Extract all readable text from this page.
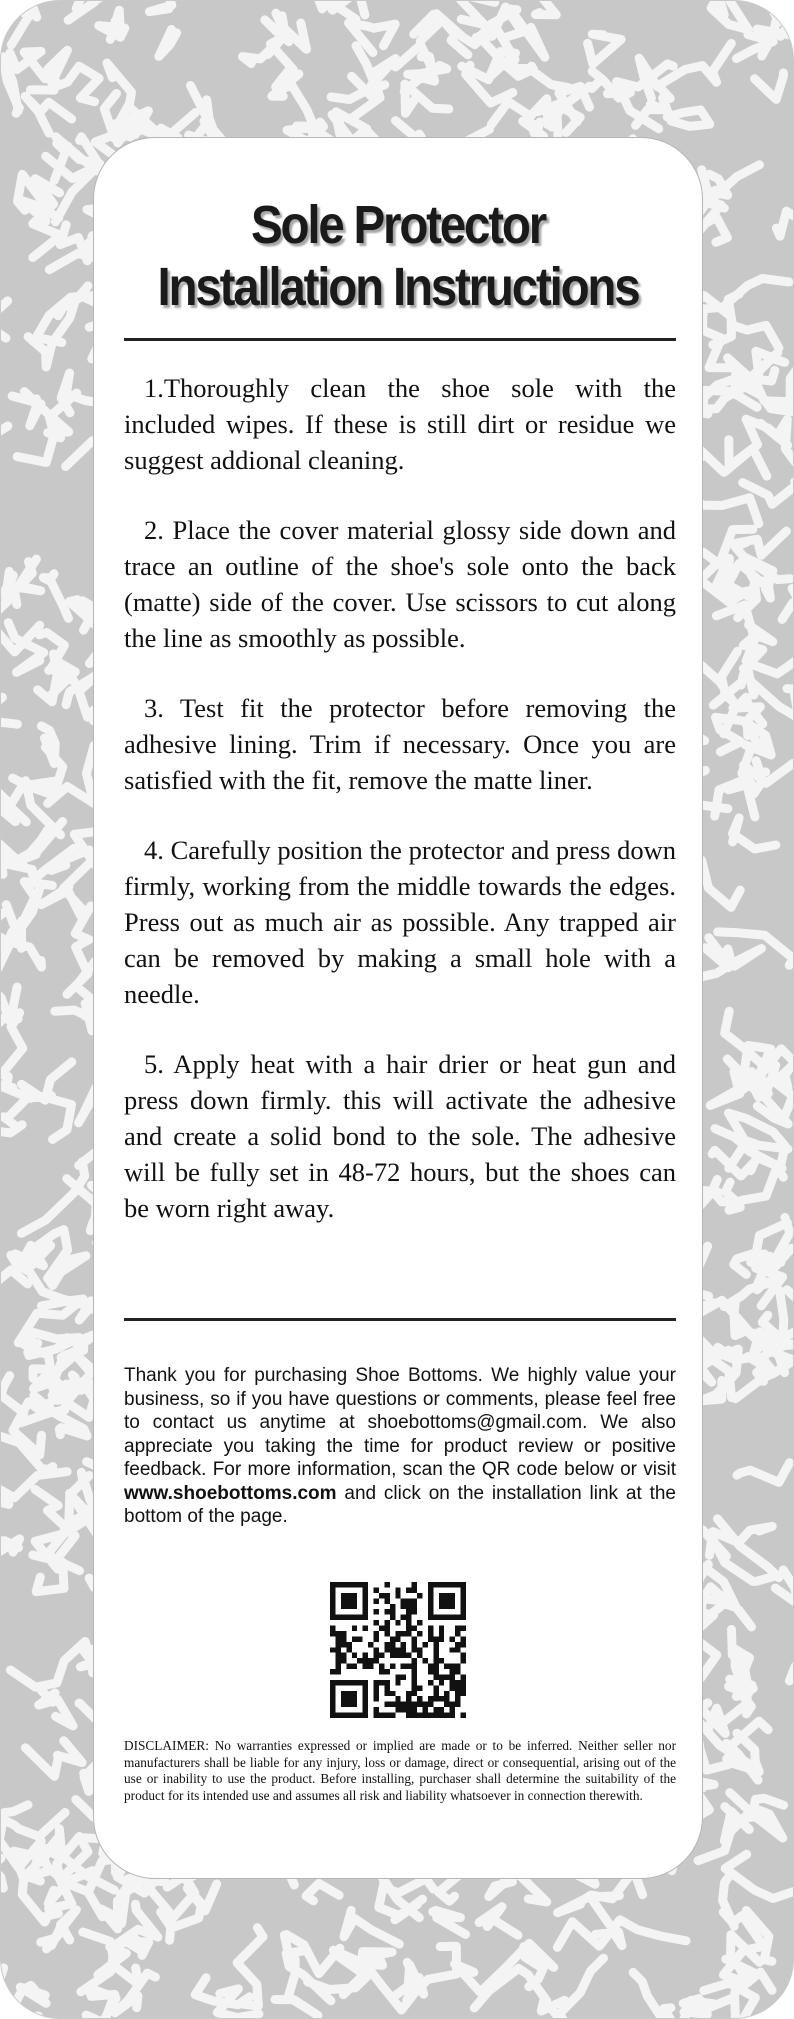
Sole Protector
Installation Instructions

1.Thoroughly clean the shoe sole with the included wipes. If these is still dirt or residue we suggest addional cleaning.

2. Place the cover material glossy side down and trace an outline of the shoe's sole onto the back (matte) side of the cover. Use scissors to cut along the line as smoothly as possible.

3. Test fit the protector before removing the adhesive lining. Trim if necessary. Once you are satisfied with the fit, remove the matte liner.

4. Carefully position the protector and press down firmly, working from the middle towards the edges. Press out as much air as possible. Any trapped air can be removed by making a small hole with a needle.

5. Apply heat with a hair drier or heat gun and press down firmly. this will activate the adhesive and create a solid bond to the sole. The adhesive will be fully set in 48-72 hours, but the shoes can be worn right away.

Thank you for purchasing Shoe Bottoms. We highly value your business, so if you have questions or comments, please feel free to contact us anytime at shoebottoms@gmail.com. We also appreciate you taking the time for product review or positive feedback. For more information, scan the QR code below or visit www.shoebottoms.com and click on the installation link at the bottom of the page.
DISCLAIMER: No warranties expressed or implied are made or to be inferred. Neither seller nor manufacturers shall be liable for any injury, loss or damage, direct or consequential, arising out of the use or inability to use the product. Before installing, purchaser shall determine the suitability of the product for its intended use and assumes all risk and liability whatsoever in connection therewith.
